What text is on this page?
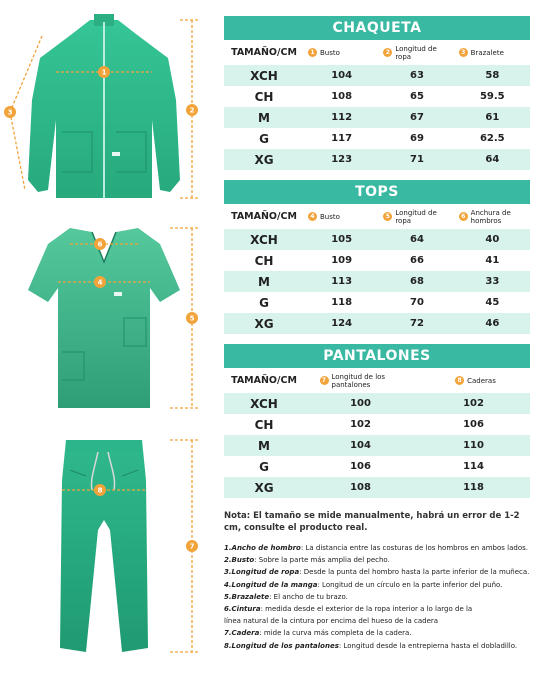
1
2
3
4
5
6
7
8
CHAQUETA
TAMAÑO/CM	1 Busto	2 Longitud de ropa	3 Brazalete
XCH	104	63	58
CH	108	65	59.5
M	112	67	61
G	117	69	62.5
XG	123	71	64
TOPS
TAMAÑO/CM	4 Busto	5 Longitud de ropa	6 Anchura de hombros
XCH	105	64	40
CH	109	66	41
M	113	68	33
G	118	70	45
XG	124	72	46
PANTALONES
TAMAÑO/CM	7 Longitud de los pantalones	8 Caderas
XCH	100	102
CH	102	106
M	104	110
G	106	114
XG	108	118
Nota: El tamaño se mide manualmente, habrá un error de 1-2 cm, consulte el producto real.
1.Ancho de hombro: La distancia entre las costuras de los hombros en ambos lados.
2.Busto: Sobre la parte más amplia del pecho.
3.Longitud de ropa: Desde la punta del hombro hasta la parte inferior de la muñeca.
4.Longitud de la manga: Longitud de un círculo en la parte inferior del puño.
5.Brazalete: El ancho de tu brazo.
6.Cintura: medida desde el exterior de la ropa interior a lo largo de la
línea natural de la cintura por encima del hueso de la cadera
7.Cadera: mide la curva más completa de la cadera.
8.Longitud de los pantalones: Longitud desde la entrepierna hasta el dobladillo.
